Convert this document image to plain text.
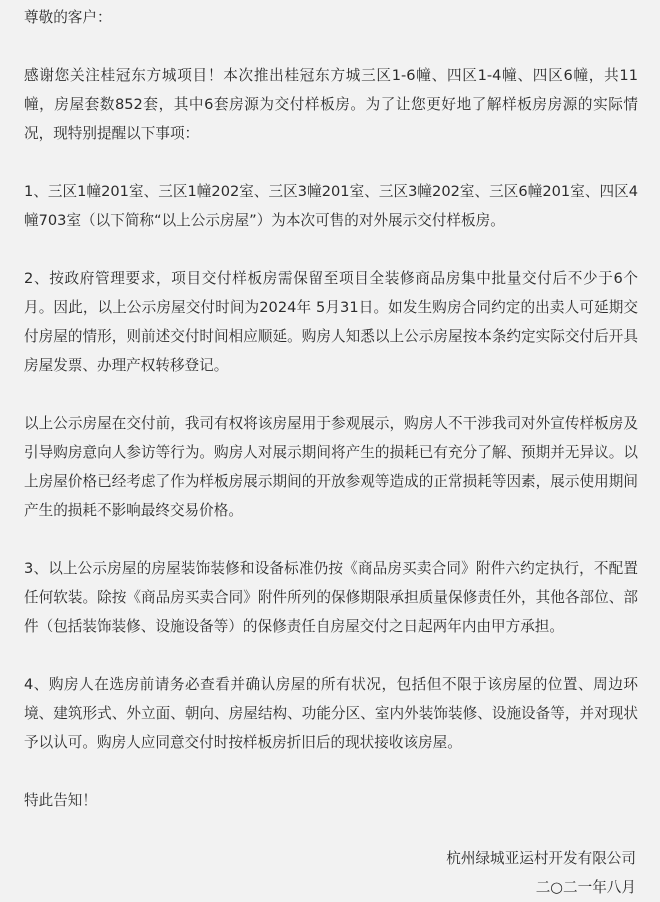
尊敬的客户：

感谢您关注桂冠东方城项目！本次推出桂冠东方城三区1-6幢、四区1-4幢、四区6幢，共11幢，房屋套数852套，其中6套房源为交付样板房。为了让您更好地了解样板房房源的实际情况，现特别提醒以下事项：

1、三区1幢201室、三区1幢202室、三区3幢201室、三区3幢202室、三区6幢201室、四区4幢703室（以下简称“以上公示房屋”）为本次可售的对外展示交付样板房。

2、按政府管理要求，项目交付样板房需保留至项目全装修商品房集中批量交付后不少于6个月。因此，以上公示房屋交付时间为2024年 5月31日。如发生购房合同约定的出卖人可延期交付房屋的情形，则前述交付时间相应顺延。购房人知悉以上公示房屋按本条约定实际交付后开具房屋发票、办理产权转移登记。

以上公示房屋在交付前，我司有权将该房屋用于参观展示，购房人不干涉我司对外宣传样板房及引导购房意向人参访等行为。购房人对展示期间将产生的损耗已有充分了解、预期并无异议。以上房屋价格已经考虑了作为样板房展示期间的开放参观等造成的正常损耗等因素，展示使用期间产生的损耗不影响最终交易价格。

3、以上公示房屋的房屋装饰装修和设备标准仍按《商品房买卖合同》附件六约定执行，不配置任何软装。除按《商品房买卖合同》附件所列的保修期限承担质量保修责任外，其他各部位、部件（包括装饰装修、设施设备等）的保修责任自房屋交付之日起两年内由甲方承担。

4、购房人在选房前请务必查看并确认房屋的所有状况，包括但不限于该房屋的位置、周边环境、建筑形式、外立面、朝向、房屋结构、功能分区、室内外装饰装修、设施设备等，并对现状予以认可。购房人应同意交付时按样板房折旧后的现状接收该房屋。

特此告知！

杭州绿城亚运村开发有限公司

二○二一年八月
